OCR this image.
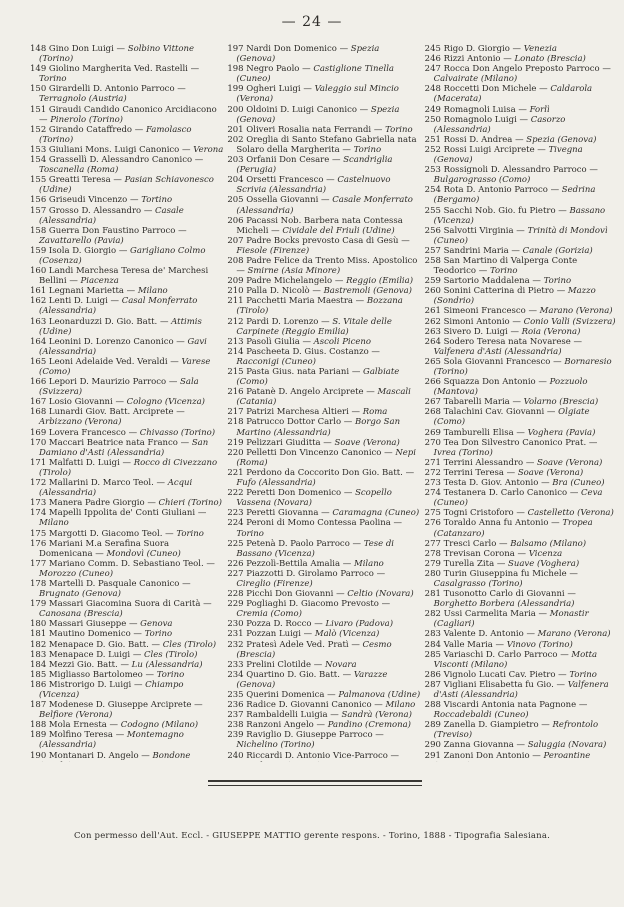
— 24 —
148 Gino Don Luigi — Solbino Vittone (Torino)
149 Giolino Margherita Ved. Rastelli — Torino
150 Girardelli D. Antonio Parroco — Terragnolo (Austria)
151 Giraudi Candido Canonico Arcidiacono — Pinerolo (Torino)
152 Girando Cataffredo — Famolasco (Torino)
153 Giuliani Mons. Luigi Canonico — Verona
154 Grassellì D. Alessandro Canonico — Toscanella (Roma)
155 Greatti Teresa — Pasian Schiavonesco (Udine)
156 Griseudi Vincenzo — Tortino
157 Grosso D. Alessandro — Casale (Alessandria)
158 Guerra Don Faustino Parroco — Zavattarello (Pavia)
159 Isola D. Giorgio — Garigliano Colmo (Cosenza)
160 Landi Marchesa Teresa de' Marchesi Bellini — Piacenza
161 Legnani Marietta — Milano
162 Lenti D. Luigi — Casal Monferrato (Alessandria)
163 Leonarduzzi D. Gio. Batt. — Attimis (Udine)
164 Leonini D. Lorenzo Canonico — Gavi (Alessandria)
165 Leoni Adelaide Ved. Veraldi — Varese (Como)
166 Lepori D. Maurizio Parroco — Sala (Svizzera)
167 Losio Giovanni — Cologno (Vicenza)
168 Lunardi Giov. Batt. Arciprete — Arbizzano (Verona)
169 Lovera Francesco — Chivasso (Torino)
170 Maccari Beatrice nata Franco — San Damiano d'Asti (Alessandria)
171 Malfatti D. Luigi — Rocco di Civezzano (Tirolo)
172 Mallarini D. Marco Teol. — Acqui (Alessandria)
173 Manera Padre Giorgio — Chieri (Torino)
174 Mapelli Ippolita de' Conti Giuliani — Milano
175 Margotti D. Giacomo Teol. — Torino
176 Mariani M.a Serafina Suora Domenicana — Mondovì (Cuneo)
177 Mariano Comm. D. Sebastiano Teol. — Morozzo (Cuneo)
178 Martelli D. Pasquale Canonico — Brugnato (Genova)
179 Massari Giacomina Suora di Carità — Canosana (Brescia)
180 Massari Giuseppe — Genova
181 Mautino Domenico — Torino
182 Menapace D. Gio. Batt. — Cles (Tirolo)
183 Menapace D. Luigi — Cles (Tirolo)
184 Mezzi Gio. Batt. — Lu (Alessandria)
185 Migliasso Bartolomeo — Torino
186 Mistrorigo D. Luigi — Chiampo (Vicenza)
187 Modenese D. Giuseppe Arciprete — Belfiore (Verona)
188 Mola Ernesta — Codogno (Milano)
189 Molfino Teresa — Montemagno (Alessandria)
190 Montanari D. Angelo — Bondone
197 Nardi Don Domenico — Spezia (Genova)
198 Negro Paolo — Castiglione Tinella (Cuneo)
199 Ogheri Luigi — Valeggio sul Mincio (Verona)
200 Oldoini D. Luigi Canonico — Spezia (Genova)
201 Oliveri Rosalia nata Ferrandi — Torino
202 Oreglia di Santo Stefano Gabriella nata Solaro della Margherita — Torino
203 Orfanii Don Cesare — Scandriglia (Perugia)
204 Orsetti Francesco — Castelnuovo Scrivia (Alessandria)
205 Ossella Giovanni — Casale Monferrato (Alessandria)
206 Pacassi Nob. Barbera nata Contessa Micheli — Cividale del Friuli (Udine)
207 Padre Bocks prevosto Casa di Gesù — Fiesole (Firenze)
208 Padre Felice da Trento Miss. Apostolico — Smirne (Asia Minore)
209 Padre Michelangelo — Reggio (Emilia)
210 Palla D. Nicolò — Bastremoli (Genova)
211 Pacchetti Maria Maestra — Bozzana (Tirolo)
212 Pardi D. Lorenzo — S. Vitale delle Carpinete (Reggio Emilia)
213 Pasolì Giulia — Ascoli Piceno
214 Pascheeta D. Gius. Costanzo — Racconigi (Cuneo)
215 Pasta Gius. nata Pariani — Galbiate (Como)
216 Patanè D. Angelo Arciprete — Mascali (Catania)
217 Patrizi Marchesa Altieri — Roma
218 Patrucco Dottor Carlo — Borgo San Martino (Alessandria)
219 Pelizzari Giuditta — Soave (Verona)
220 Pelletti Don Vincenzo Canonico — Nepi (Roma)
221 Perdono da Coccorito Don Gio. Batt. — Fufo (Alessandria)
222 Peretti Don Domenico — Scopello Vassena (Novara)
223 Peretti Giovanna — Caramagna (Cuneo)
224 Peroni di Momo Contessa Paolina — Torino
225 Petenà D. Paolo Parroco — Tese di Bassano (Vicenza)
226 Pezzolì-Bettila Amalia — Milano
227 Piazzotti D. Girolamo Parroco — Cireglio (Firenze)
228 Picchi Don Giovanni — Celtio (Novara)
229 Pogliaghi D. Giacomo Prevosto — Cremia (Como)
230 Pozza D. Rocco — Livaro (Padova)
231 Pozzan Luigi — Malò (Vicenza)
232 Pratesì Adele Ved. Pratì — Cesmo (Brescia)
233 Prelini Clotilde — Novara
234 Quartino D. Gio. Batt. — Varazze (Genova)
235 Querini Domenica — Palmanova (Udine)
236 Radice D. Giovanni Canonico — Milano
237 Rambaldelli Luigia — Sandrà (Verona)
238 Ranzoni Angelo — Pandino (Cremona)
239 Raviglio D. Giuseppe Parroco — Nichelino (Torino)
240 Riccardi D. Antonio Vice-Parroco —
245 Rigo D. Giorgio — Venezia
246 Rizzi Antonio — Lonato (Brescia)
247 Rocca Don Angelo Preposto Parroco — Calvairate (Milano)
248 Roccetti Don Michele — Caldarola (Macerata)
249 Romagnoli Luisa — Forlì
250 Romagnolo Luigi — Casorzo (Alessandria)
251 Rossi D. Andrea — Spezia (Genova)
252 Rossi Luigi Arciprete — Tivegna (Genova)
253 Rossignoli D. Alessandro Parroco — Bulgarograsso (Como)
254 Rota D. Antonio Parroco — Sedrina (Bergamo)
255 Sacchi Nob. Gio. fu Pietro — Bassano (Vicenza)
256 Salvotti Virginia — Trinità di Mondovì (Cuneo)
257 Sandrini Maria — Canale (Gorizia)
258 San Martino di Valperga Conte Teodorico — Torino
259 Sartorio Maddalena — Torino
260 Sonini Catterina di Pietro — Mazzo (Sondrio)
261 Simeoni Francesco — Marano (Verona)
262 Simoni Antonio — Conio Valli (Svizzera)
263 Sivero D. Luigi — Roia (Verona)
264 Sodero Teresa nata Novarese — Valfenera d'Asti (Alessandria)
265 Sola Giovanni Francesco — Bornaresio (Torino)
266 Squazza Don Antonio — Pozzuolo (Mantova)
267 Tabarelli Maria — Volarno (Brescia)
268 Talachini Cav. Giovanni — Olgiate (Como)
269 Tamburelli Elisa — Voghera (Pavia)
270 Tea Don Silvestro Canonico Prat. — Ivrea (Torino)
271 Terrini Alessandro — Soave (Verona)
272 Terrini Teresa — Soave (Verona)
273 Testa D. Giov. Antonio — Bra (Cuneo)
274 Testanera D. Carlo Canonico — Ceva (Cuneo)
275 Togni Cristoforo — Castelletto (Verona)
276 Toraldo Anna fu Antonio — Tropea (Catanzaro)
277 Tresci Carlo — Balsamo (Milano)
278 Trevisan Corona — Vicenza
279 Turella Zita — Suave (Voghera)
280 Turin Giuseppina fu Michele — Casalgrasso (Torino)
281 Tusonotto Carlo di Giovanni — Borghetto Borbera (Alessandria)
282 Ussi Carmelita Maria — Monastir (Cagliari)
283 Valente D. Antonio — Marano (Verona)
284 Valle Maria — Vinovo (Torino)
285 Variaschi D. Carlo Parroco — Motta Visconti (Milano)
286 Vignolo Lucati Cav. Pietro — Torino
287 Vigliani Elisabetta fu Gio. — Valfenera d'Asti (Alessandria)
288 Viscardi Antonia nata Pagnone — Roccadebaldi (Cuneo)
289 Zanella D. Giampietro — Refrontolo (Treviso)
290 Zanna Giovanna — Saluggia (Novara)
291 Zanoni Don Antonio — Peroantine
Con permesso dell'Aut. Eccl. - GIUSEPPE MATTIO gerente respons. - Torino, 1888 - Tipografia Salesiana.
